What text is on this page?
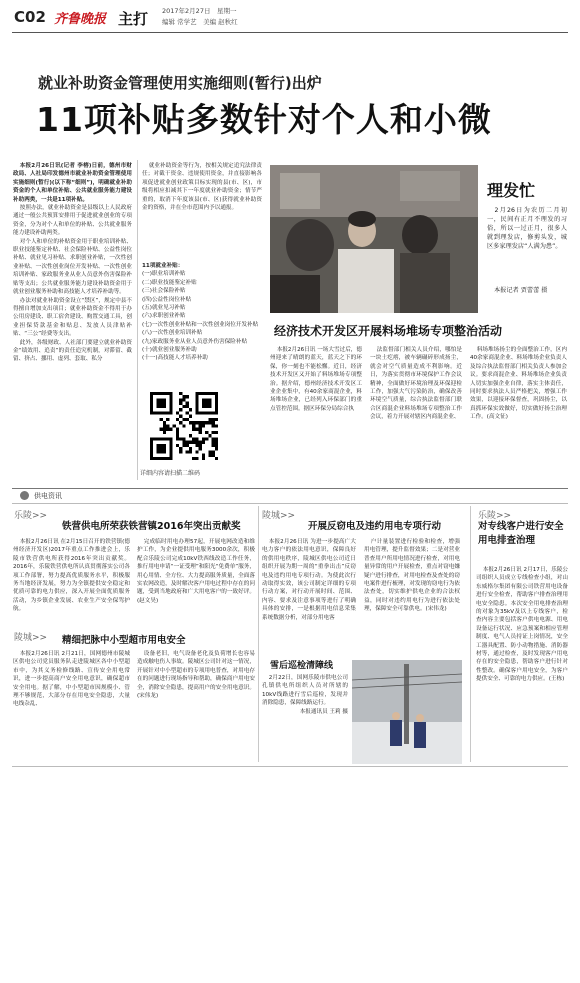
C02 齐鲁晚报 主打 2017年2月27日　星期一
编辑 常学艺　美编 赵秋红
就业补助资金管理使用实施细则(暂行)出炉
11项补贴多数针对个人和小微

本报2月26日讯(记者 李榕)日前，德州市财政局、人社局印发德州市就业补助资金管理使用实施细则(暂行)(以下称“细则”)，明确就业补助资金的个人和单位补贴、公共就业服务能力建设补助两类，一共是11项补贴。

按照办法，就业补助资金是县级以上人民政府通过一般公共预算安排用于促进就业创业的专项资金，分为对个人和单位的补贴、公共就业服务能力建设补助两类。

对个人和单位的补贴资金用于职业培训补贴、职业技能鉴定补贴、社会保险补贴、公益性岗位补贴、就业见习补贴、求职创业补贴，一次性创业补贴、一次性创业岗位开发补贴、一次性创业培训补贴、家政服务业从业人员意外伤害保险补贴等支出；公共就业服务能力建设补助资金用于就业创业服务补助和高技能人才培养补助等。

办法对就业补助资金设立“禁区”，规定中县不得擅自增加支出项目；就业补助资金不得用于办公用房建设、职工宿舍建设、购置交通工具，创业担保贷款基金和贴息、发放人员津贴补贴、“三公”经费等支出。

此外，各级财政、人社部门要建立就业补助资金“绩效用、追责”的责任追究机制，对滞留、截留、挤占、挪用、虚列、套取、私分

就业补助资金等行为，按相关规定追究法律责任；对截干资金、违规使用资金，并直接影响各项促进就业创业政策目标实现的县(市、区)，市级将相应扣减其下一年度就业补助资金；情节严重的，取消下年度该县(市、区)获得就业补助资金的资格，并在全市范围内予以通报。

11项就业补贴：
(一)职业培训补贴
(二)职业技能鉴定补贴
(三)社会保险补贴
(四)公益性岗位补贴
(五)就业见习补贴
(六)求职创业补贴
(七)一次性创业补贴和一次性创业岗位开发补贴
(八)一次性创业培训补贴
(九)家政服务业从业人员意外伤害保险补贴
(十)就业创业服务补助
(十一)高技能人才培养补助
详细内容请扫描二维码
理发忙

2月26日为农历二月初一，民间有正月不理发的习俗，所以一过正月，很多人就到理发店，修剪头发，城区多家理发店“人满为患”。

本报记者 贾蕾蕾 摄
经济技术开发区开展料场堆场专项整治活动

本报2月26日讯 一场大雪过后，德州迎来了晴朗的蓝天，蓝天之下的环保，你一刻也不能松懈。近日，经济技术开发区又开始了料场堆场专项整治。据介绍，德州经济技术开发区工业企业集中，有40余家商混企业，料场堆场企业，已经列入环保部门的重点管控范围。据区环保分局综合执

法监督部门相关人员介绍，哪怕是一块土疙瘩，被车辆碾碎形成扬尘，就会对空气质量造成不利影响。近日，为落实贯彻市环境保护工作会议精神，全面做好环境治理及环保迎检工作，加强大气污染防治，确保改善环境空气质量，综合执法监督部门联合区商混企业料场堆场专项整治工作会议，着力开展对辖区内商混企业、

料场堆场扬尘的全面整治工作，区内40余家商混企业、料场堆场企业负责人及综合执法监督部门相关负责人参加会议。要求商混企业、料场堆场企业负责人切实加强企业自律，落实主体责任，同时要求执法人员严格把关，增强工作效果，以迎接环保督查，巩固扬尘，以真抓环保实效做好，切实做好扬尘治理工作。(高文征)

供电资讯
乐陵>>
铁营供电所荣获铁营镇2016年突出贡献奖

本报2月26日讯 在2月15日召开的铁营镇(德州经济开发区)2017年重点工作推进会上，乐陵市铁营供电所获得2016年突出贡献奖。2016年，乐陵铁营供电所认真贯彻落实公司各项工作部署，努力提高优质服务水平，积极服务当地经济发展，努力为全镇提供安全稳定和优质可靠的电力供应，深入开展全面优质服务活动，为乡镇企业发展、农业生产安全保驾护航。

完成临时用电办理57起，开展电网改造和维护工作，为企业提供用电服务3000余次，积极配合乐陵公司完成10kV铁西线改造工作任务，推行用电申请“一证受理”和阳光“免费单”服务，用心用情、全方位、大力提高服务质量，全面落实农网改造，及时解决客户用电过程中存在的问题，受到当地政府和广大用电客户的一致好评。(赵文昊)

陵城>> 精细把脉中小型超市用电安全

本报2月26日讯 2月21日，国网德州市陵城区供电公司党员服务队走进陵城区各中小型超市中，为其义务检修线路、宣传安全用电常识，进一步提高商户安全用电意识，确保超市安全用电。据了解，中小型超市因规模小、管理不够规范，大部分存在用电安全隐患，大量电线杂乱、

设备老旧，电气设备老化及负荷增长也容易造成触电伤人事故。陵城区公司针对这一情况，开展针对中小型超市的专项用电普查，对用电存在的问题进行现场指导和帮助，确保商户用电安全，消除安全隐患，提高用户的安全用电意识。(宋伟龙)

陵城>>
开展反窃电及违约用电专项行动

本报2月26日讯 为进一步提高广大电力客户的依法用电意识，保障良好的供用电秩序，陵城区供电公司近日组织开展为期一周的“重拳出击”反窃电及违约用电专项行动。为使此次行动取得实效，该公司制定详细的专项行动方案，对行动开展时间、范围、内容、要求及注意事项等进行了明确具体的安排，一是根据用电信息采集系统数据分析，对部分用电客

户计量装置进行检验和检查，增强用电管理，提升监督效果；二是对营业普查用户所用电情况进行检查，对用电量异常的用户开展检查，重点对窃电嫌疑户进行排查，对用电检查及查处的窃电案件进行梳理，对发现的窃电行为依法查处，切实维护供电企业的合法权益，同时对违约用电行为进行依法处理，保障安全可靠供电。(宋伟龙)

雪后巡检清障线

2月22日，国网乐陵市供电公司孔镇供电所组织人员对所辖的10kV线路进行雪后巡检，发现并消除隐患，保障线路运行。

本报通讯员 王莉 摄
乐陵>>
对专线客户进行安全用电排查治理

本报2月26日讯 2月17日，乐陵公司组织人员成立专线检查小组，对山东威格尔集团有限公司铁营用电设备进行安全检查，帮助客户排查治理用电安全隐患。本次安全用电排查治理的对象为35kV及以上专线客户，检查内容主要包括客户供电电源、用电设备运行状况、应急预案和相应管理制度、电气人员持证上岗情况，安全工器具配置、防小动物措施、消防器材等，通过检查，及时发现客户用电存在的安全隐患，帮助客户进行针对性整改。确保客户用电安全，为客户提供安全、可靠的电力供应。(王栋)
